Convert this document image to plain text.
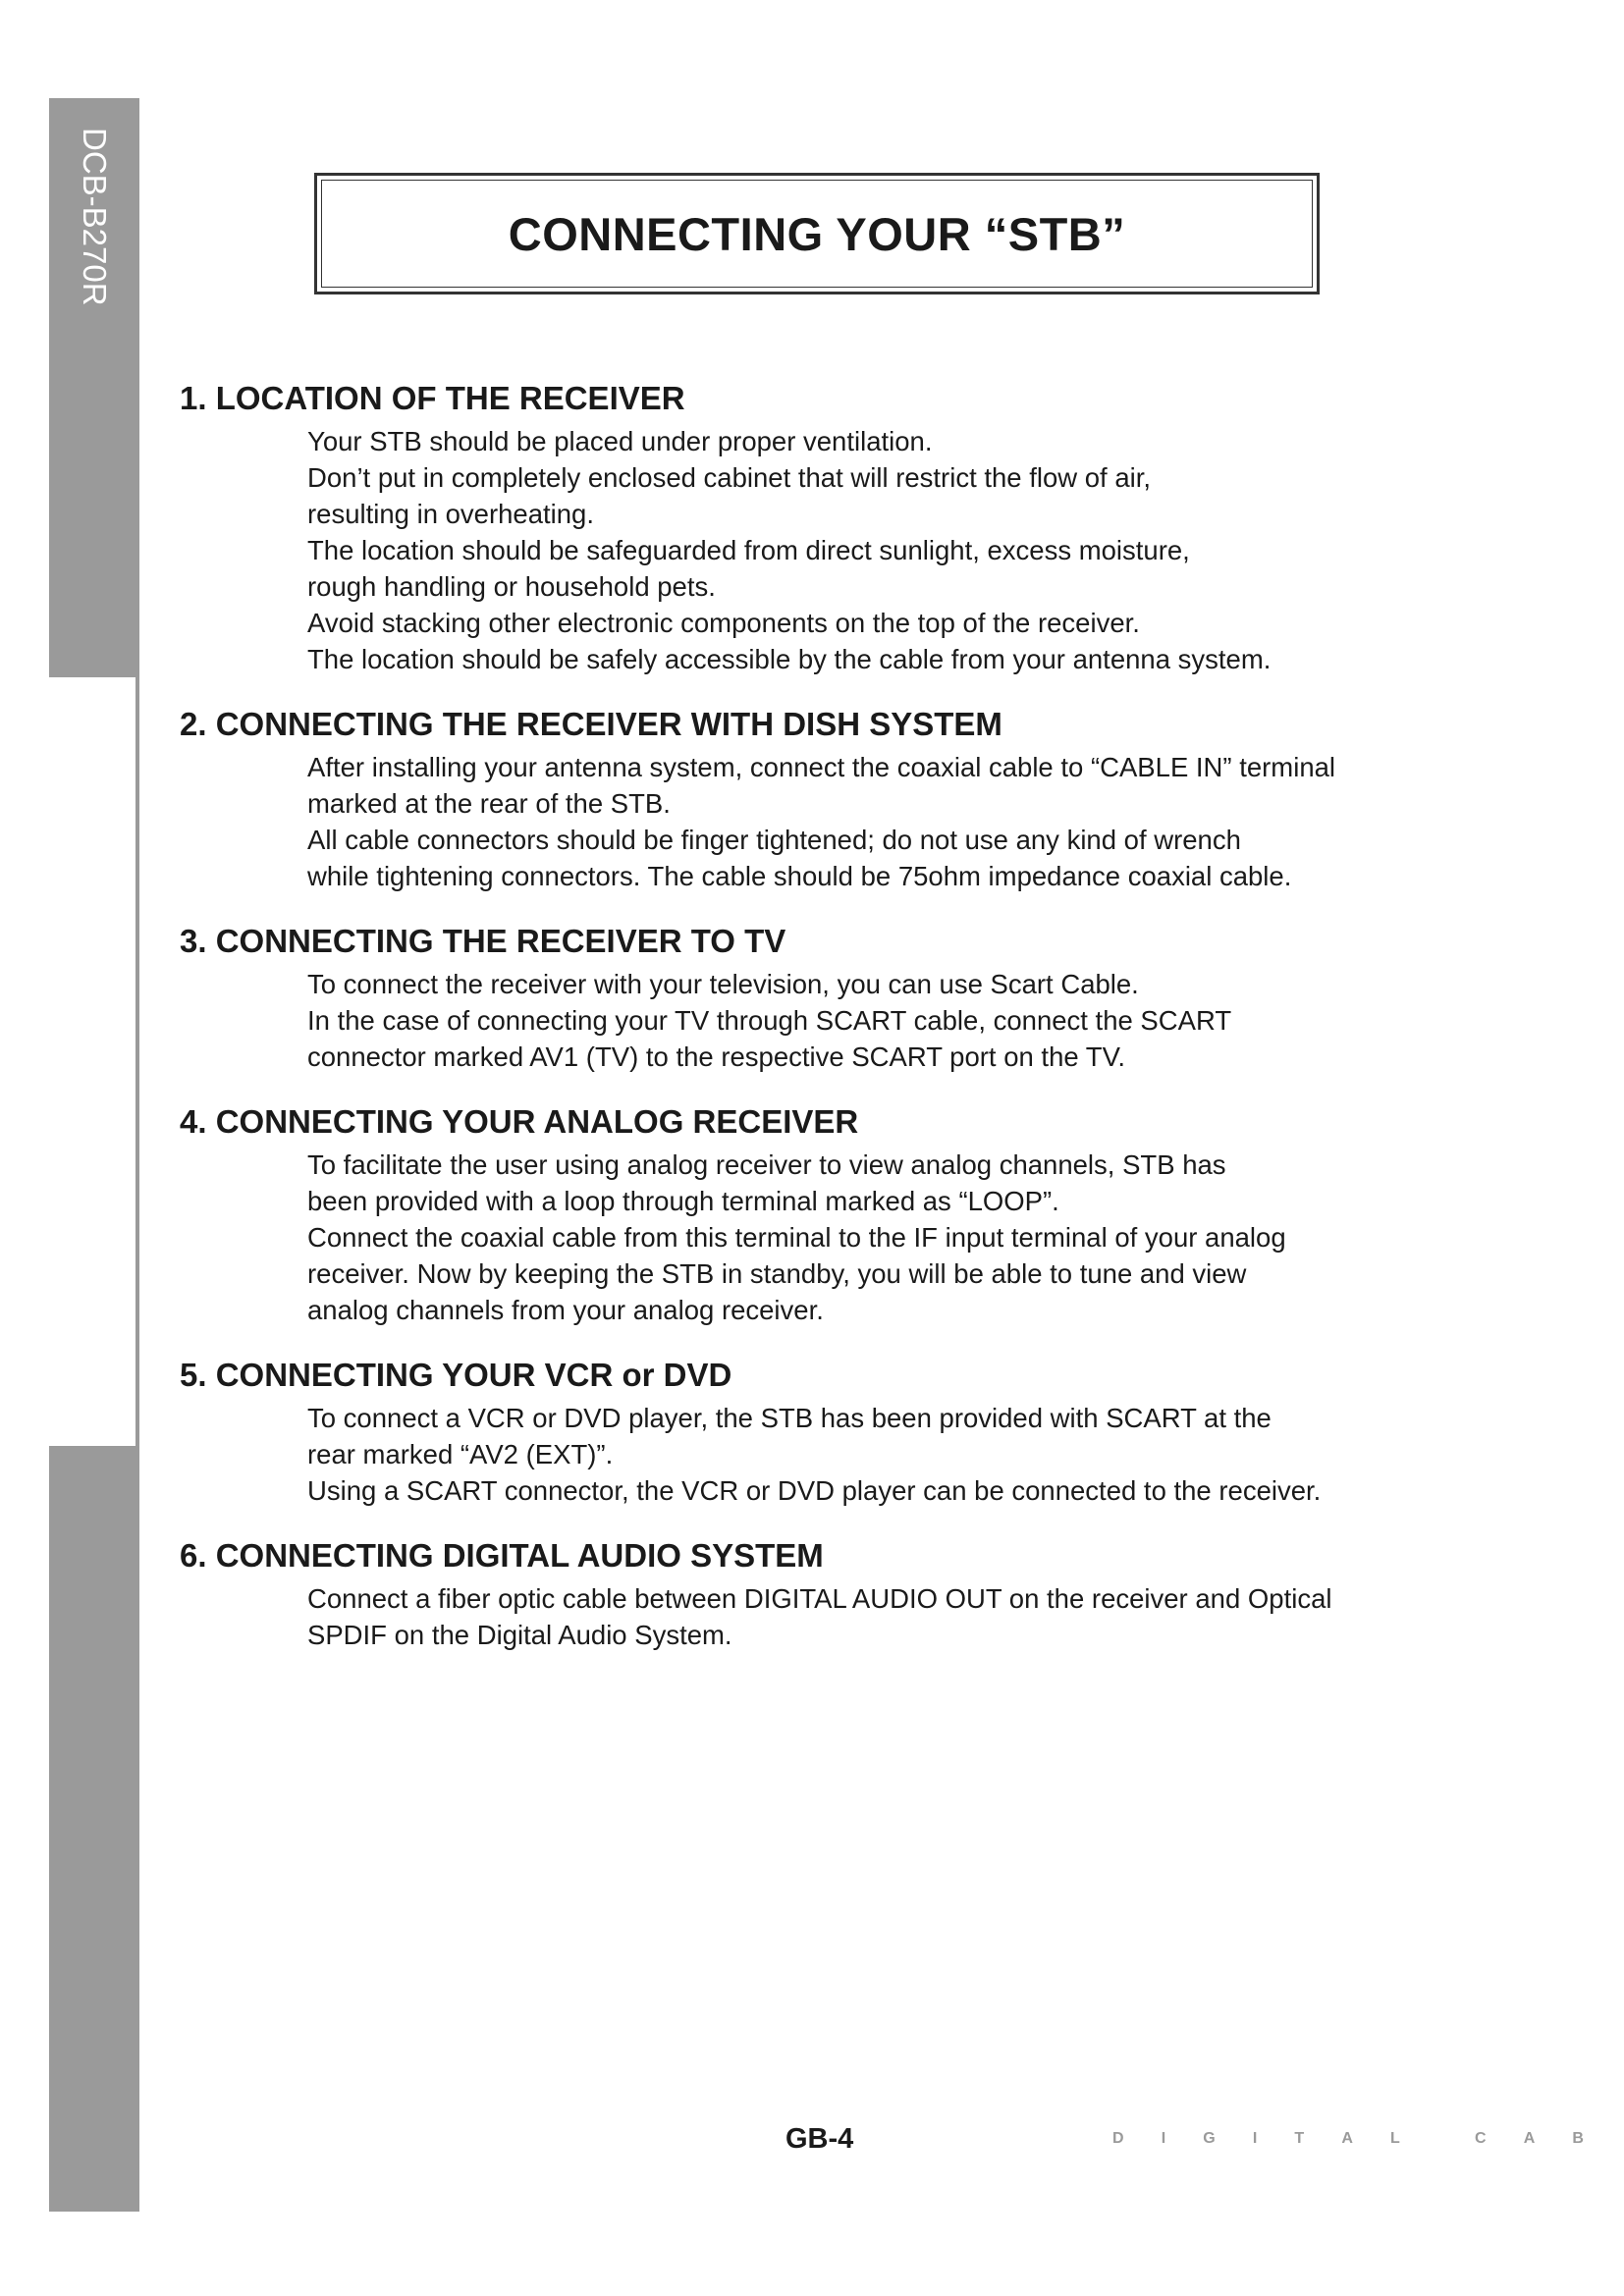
DCB-B270R	CONNECTING YOUR “STB”
1. LOCATION OF THE RECEIVER

Your STB should be placed under proper ventilation.

Don’t put in completely enclosed cabinet that will restrict the flow of air,

resulting in overheating.

The location should be safeguarded from direct sunlight, excess moisture,

rough handling or household pets.

Avoid stacking other electronic components on the top of the receiver.

The location should be safely accessible by the cable from your antenna system.

2. CONNECTING THE RECEIVER WITH DISH SYSTEM

After installing your antenna system, connect the coaxial cable to “CABLE IN” terminal

marked at the rear of the STB.

All cable connectors should be finger tightened; do not use any kind of wrench

while tightening connectors. The cable should be 75ohm impedance coaxial cable.

3. CONNECTING THE RECEIVER TO TV

To connect the receiver with your television, you can use Scart Cable.

In the case of connecting your TV through SCART cable, connect the SCART

connector marked AV1 (TV) to the respective SCART port on the TV.

4. CONNECTING YOUR ANALOG RECEIVER

To facilitate the user using analog receiver to view analog channels, STB has

been provided with a loop through terminal marked as “LOOP”.

Connect the coaxial cable from this terminal to the IF input terminal of your analog

receiver. Now by keeping the STB in standby, you will be able to tune and view

analog channels from your analog receiver.

5. CONNECTING YOUR VCR or DVD

To connect a VCR or DVD player, the STB has been provided with SCART at the

rear marked “AV2 (EXT)”.

Using a SCART connector, the VCR or DVD player can be connected to the receiver.

6. CONNECTING DIGITAL AUDIO SYSTEM

Connect a fiber optic cable between DIGITAL AUDIO OUT on the receiver and Optical

SPDIF on the Digital Audio System.

GB-4	D I G I T A L	C A B
